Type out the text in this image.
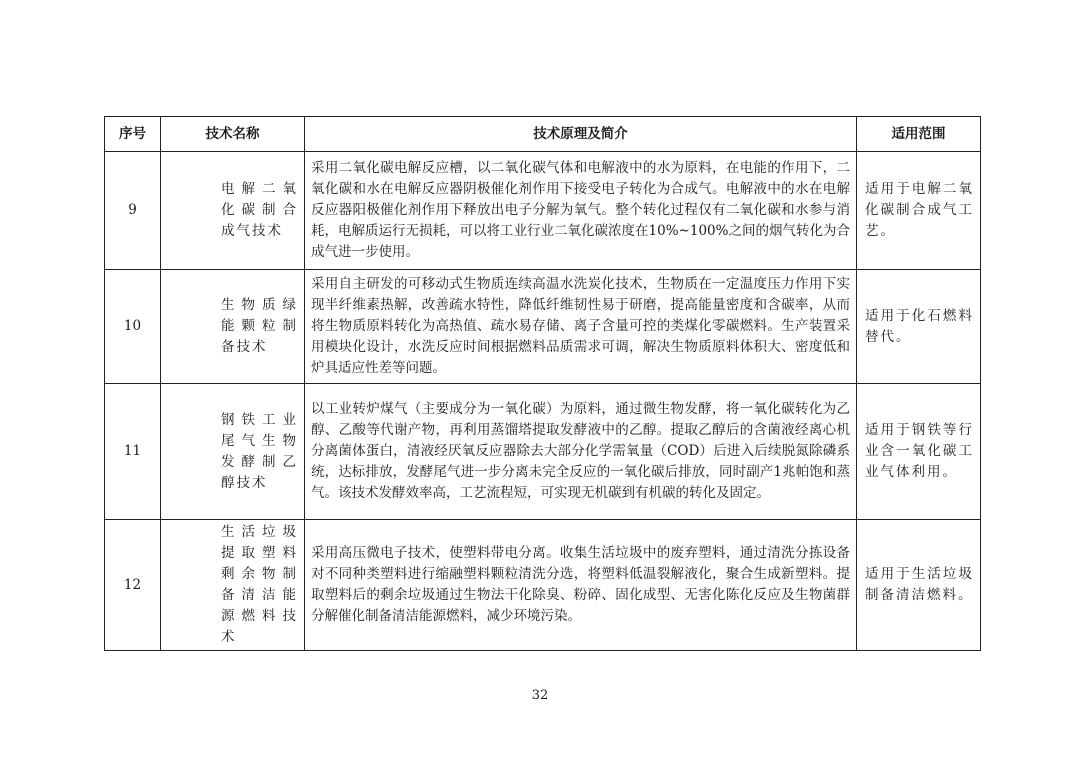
序号	技术名称	技术原理及简介	适用范围
9	电解二氧化碳制合成气技术	采用二氧化碳电解反应槽，以二氧化碳气体和电解液中的水为原料，在电能的作用下，二氧化碳和水在电解反应器阴极催化剂作用下接受电子转化为合成气。电解液中的水在电解反应器阳极催化剂作用下释放出电子分解为氧气。整个转化过程仅有二氧化碳和水参与消耗，电解质运行无损耗，可以将工业行业二氧化碳浓度在10%~100%之间的烟气转化为合成气进一步使用。	适用于电解二氧化碳制合成气工艺。
10	生物质绿能颗粒制备技术	采用自主研发的可移动式生物质连续高温水洗炭化技术，生物质在一定温度压力作用下实现半纤维素热解，改善疏水特性，降低纤维韧性易于研磨，提高能量密度和含碳率，从而将生物质原料转化为高热值、疏水易存储、离子含量可控的类煤化零碳燃料。生产装置采用模块化设计，水洗反应时间根据燃料品质需求可调，解决生物质原料体积大、密度低和炉具适应性差等问题。	适用于化石燃料替代。
11	钢铁工业尾气生物发酵制乙醇技术	以工业转炉煤气（主要成分为一氧化碳）为原料，通过微生物发酵，将一氧化碳转化为乙醇、乙酸等代谢产物，再利用蒸馏塔提取发酵液中的乙醇。提取乙醇后的含菌液经离心机分离菌体蛋白，清液经厌氧反应器除去大部分化学需氧量（COD）后进入后续脱氮除磷系统，达标排放，发酵尾气进一步分离未完全反应的一氧化碳后排放，同时副产1兆帕饱和蒸气。该技术发酵效率高，工艺流程短，可实现无机碳到有机碳的转化及固定。	适用于钢铁等行业含一氧化碳工业气体利用。
12	生活垃圾提取塑料剩余物制备清洁能源燃料技术	采用高压微电子技术，使塑料带电分离。收集生活垃圾中的废弃塑料，通过清洗分拣设备对不同种类塑料进行缩融塑料颗粒清洗分选，将塑料低温裂解液化，聚合生成新塑料。提取塑料后的剩余垃圾通过生物法干化除臭、粉碎、固化成型、无害化陈化反应及生物菌群分解催化制备清洁能源燃料，减少环境污染。	适用于生活垃圾制备清洁燃料。
32
